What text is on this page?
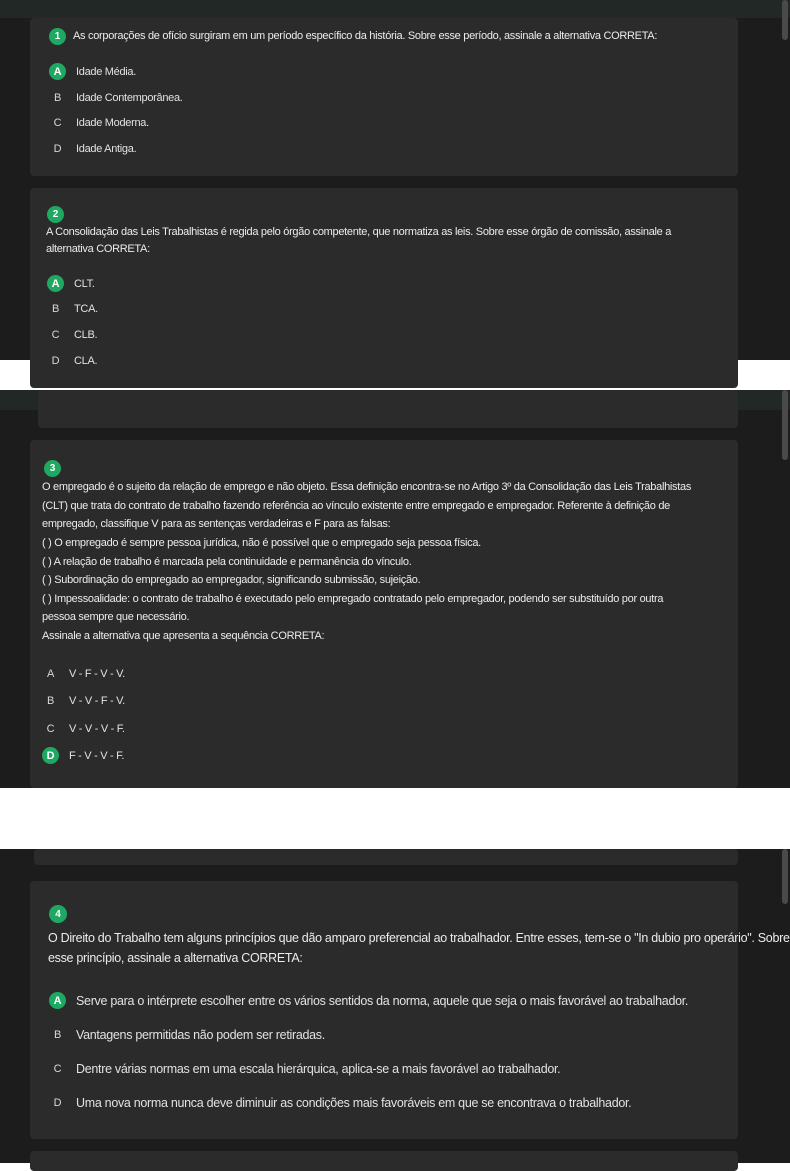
1	As corporações de ofício surgiram em um período específico da história. Sobre esse período, assinale a alternativa CORRETA:
A	Idade Média.
B	Idade Contemporânea.
C	Idade Moderna.
D	Idade Antiga.
2
A Consolidação das Leis Trabalhistas é regida pelo órgão competente, que normatiza as leis. Sobre esse órgão de comissão, assinale a
alternativa CORRETA:
A	CLT.
B	TCA.
C	CLB.
D	CLA.
3
O empregado é o sujeito da relação de emprego e não objeto. Essa definição encontra-se no Artigo 3º da Consolidação das Leis Trabalhistas
(CLT) que trata do contrato de trabalho fazendo referência ao vínculo existente entre empregado e empregador. Referente à definição de
empregado, classifique V para as sentenças verdadeiras e F para as falsas:
( ) O empregado é sempre pessoa jurídica, não é possível que o empregado seja pessoa física.
( ) A relação de trabalho é marcada pela continuidade e permanência do vínculo.
( ) Subordinação do empregado ao empregador, significando submissão, sujeição.
( ) Impessoalidade: o contrato de trabalho é executado pelo empregado contratado pelo empregador, podendo ser substituído por outra
pessoa sempre que necessário.
Assinale a alternativa que apresenta a sequência CORRETA:
A	V - F - V - V.
B	V - V - F - V.
C	V - V - V - F.
D	F - V - V - F.
4
O Direito do Trabalho tem alguns princípios que dão amparo preferencial ao trabalhador. Entre esses, tem-se o "In dubio pro operário". Sobre
esse princípio, assinale a alternativa CORRETA:
A	Serve para o intérprete escolher entre os vários sentidos da norma, aquele que seja o mais favorável ao trabalhador.
B	Vantagens permitidas não podem ser retiradas.
C	Dentre várias normas em uma escala hierárquica, aplica-se a mais favorável ao trabalhador.
D	Uma nova norma nunca deve diminuir as condições mais favoráveis em que se encontrava o trabalhador.
